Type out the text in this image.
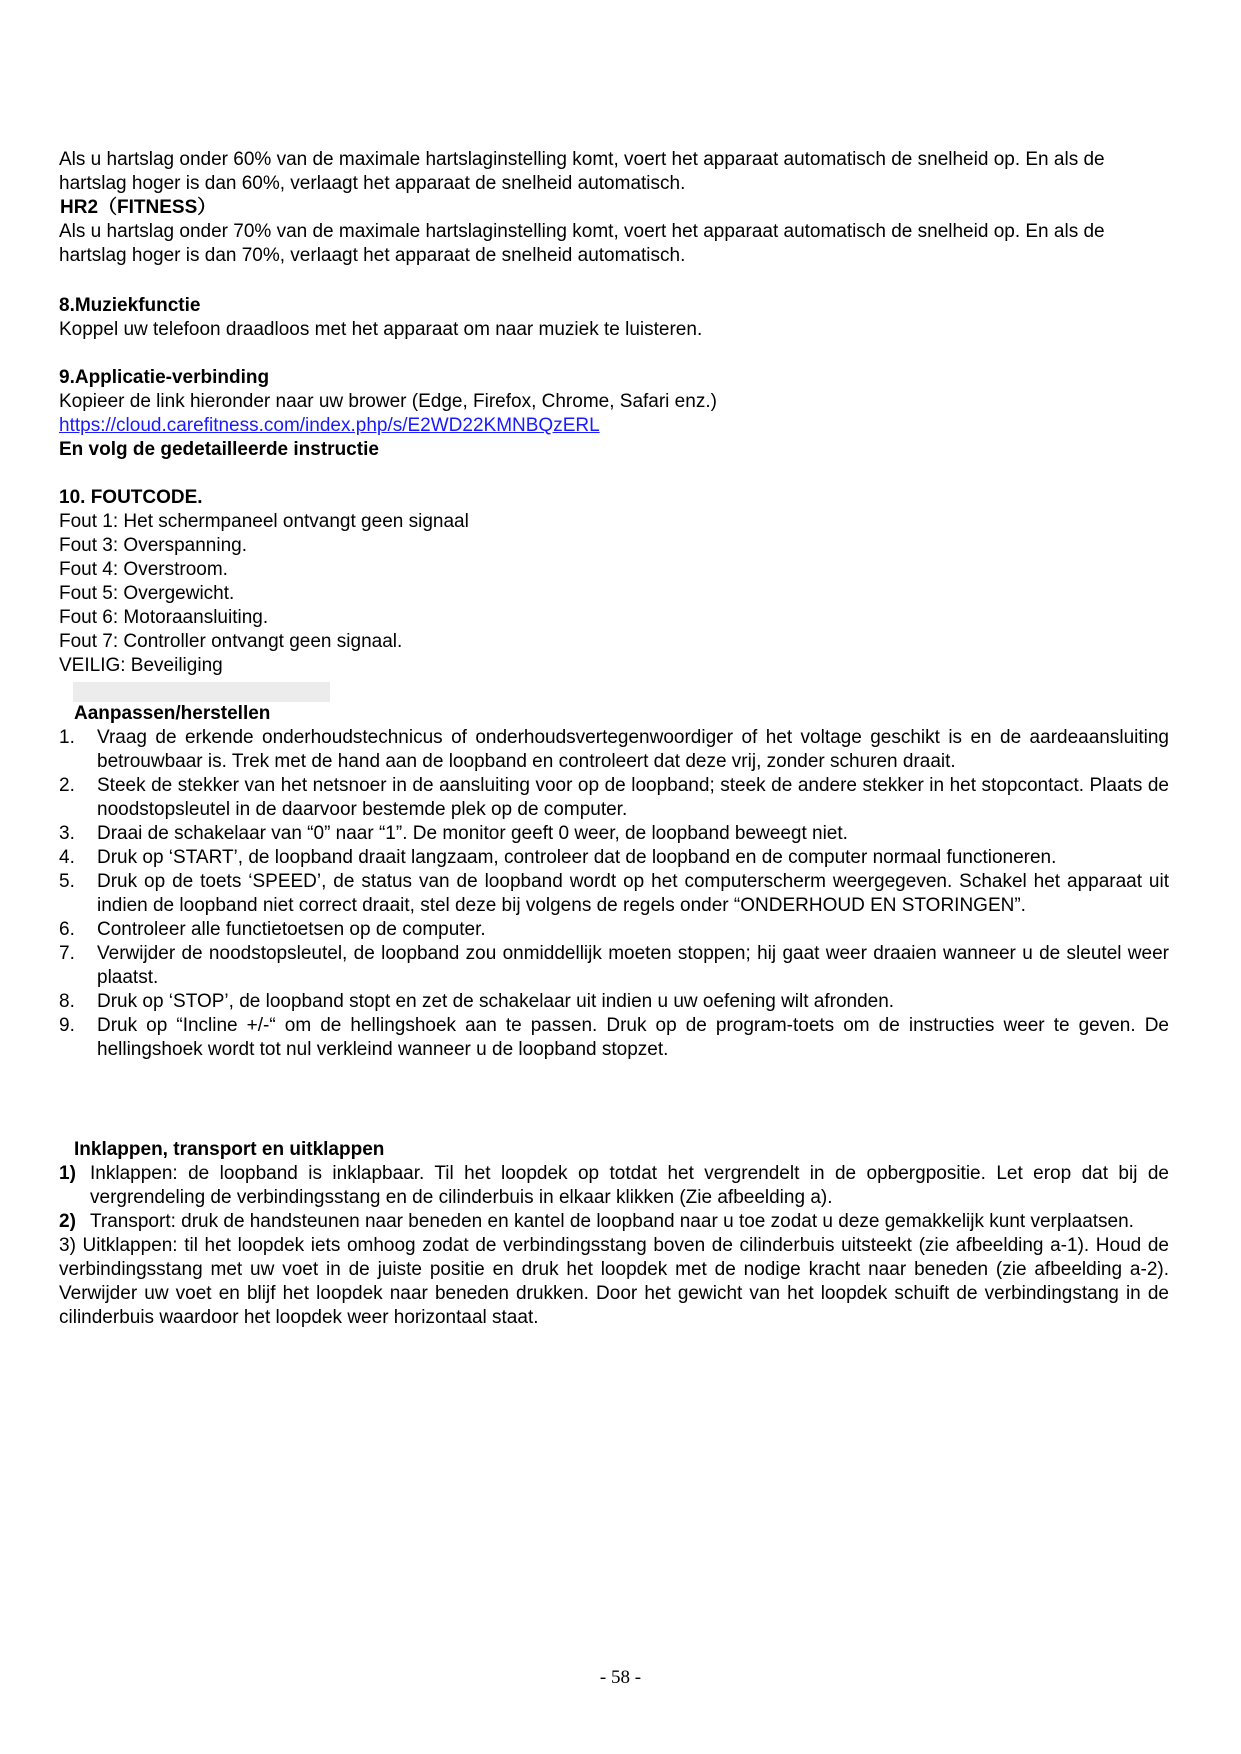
Als u hartslag onder 60% van de maximale hartslaginstelling komt, voert het apparaat automatisch de snelheid op. En als de hartslag hoger is dan 60%, verlaagt het apparaat de snelheid automatisch.

HR2（FITNESS）

Als u hartslag onder 70% van de maximale hartslaginstelling komt, voert het apparaat automatisch de snelheid op. En als de hartslag hoger is dan 70%, verlaagt het apparaat de snelheid automatisch.

8.Muziekfunctie

Koppel uw telefoon draadloos met het apparaat om naar muziek te luisteren.

9.Applicatie-verbinding

Kopieer de link hieronder naar uw brower (Edge, Firefox, Chrome, Safari enz.)

https://cloud.carefitness.com/index.php/s/E2WD22KMNBQzERL

En volg de gedetailleerde instructie

10. FOUTCODE.

Fout 1: Het schermpaneel ontvangt geen signaal

Fout 3: Overspanning.

Fout 4: Overstroom.

Fout 5: Overgewicht.

Fout 6: Motoraansluiting.

Fout 7: Controller ontvangt geen signaal.

VEILIG: Beveiliging

Aanpassen/herstellen

1. Vraag de erkende onderhoudstechnicus of onderhoudsvertegenwoordiger of het voltage geschikt is en de aardeaansluiting betrouwbaar is. Trek met de hand aan de loopband en controleert dat deze vrij, zonder schuren draait.
2. Steek de stekker van het netsnoer in de aansluiting voor op de loopband; steek de andere stekker in het stopcontact. Plaats de noodstopsleutel in de daarvoor bestemde plek op de computer.
3. Draai de schakelaar van “0” naar “1”. De monitor geeft 0 weer, de loopband beweegt niet.
4. Druk op ‘START’, de loopband draait langzaam, controleer dat de loopband en de computer normaal functioneren.
5. Druk op de toets ‘SPEED’, de status van de loopband wordt op het computerscherm weergegeven. Schakel het apparaat uit indien de loopband niet correct draait, stel deze bij volgens de regels onder “ONDERHOUD EN STORINGEN”.
6. Controleer alle functietoetsen op de computer.
7. Verwijder de noodstopsleutel, de loopband zou onmiddellijk moeten stoppen; hij gaat weer draaien wanneer u de sleutel weer plaatst.
8. Druk op ‘STOP’, de loopband stopt en zet de schakelaar uit indien u uw oefening wilt afronden.
9. Druk op “Incline +/-“ om de hellingshoek aan te passen. Druk op de program-toets om de instructies weer te geven. De hellingshoek wordt tot nul verkleind wanneer u de loopband stopzet.

Inklappen, transport en uitklappen

1) Inklappen: de loopband is inklapbaar. Til het loopdek op totdat het vergrendelt in de opbergpositie. Let erop dat bij de vergrendeling de verbindingsstang en de cilinderbuis in elkaar klikken (Zie afbeelding a).
2) Transport: druk de handsteunen naar beneden en kantel de loopband naar u toe zodat u deze gemakkelijk kunt verplaatsen.

3) Uitklappen: til het loopdek iets omhoog zodat de verbindingsstang boven de cilinderbuis uitsteekt (zie afbeelding a-1). Houd de verbindingsstang met uw voet in de juiste positie en druk het loopdek met de nodige kracht naar beneden (zie afbeelding a-2). Verwijder uw voet en blijf het loopdek naar beneden drukken. Door het gewicht van het loopdek schuift de verbindingstang in de cilinderbuis waardoor het loopdek weer horizontaal staat.

- 58 -
